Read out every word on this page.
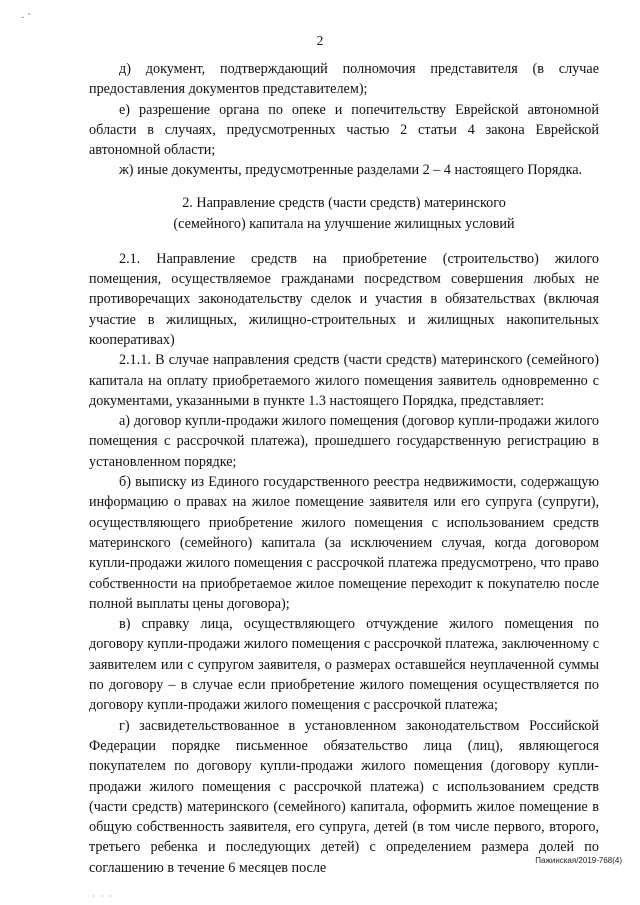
· `
2

д) документ, подтверждающий полномочия представителя (в случае предоставления документов представителем);

е) разрешение органа по опеке и попечительству Еврейской автономной области в случаях, предусмотренных частью 2 статьи 4 закона Еврейской автономной области;

ж) иные документы, предусмотренные разделами 2 – 4 настоящего Порядка.

2. Направление средств (части средств) материнского
(семейного) капитала на улучшение жилищных условий

2.1. Направление средств на приобретение (строительство) жилого помещения, осуществляемое гражданами посредством совершения любых не противоречащих законодательству сделок и участия в обязательствах (включая участие в жилищных, жилищно-строительных и жилищных накопительных кооперативах)

2.1.1. В случае направления средств (части средств) материнского (семейного) капитала на оплату приобретаемого жилого помещения заявитель одновременно с документами, указанными в пункте 1.3 настоящего Порядка, представляет:

а) договор купли-продажи жилого помещения (договор купли-продажи жилого помещения с рассрочкой платежа), прошедшего государственную регистрацию в установленном порядке;

б) выписку из Единого государственного реестра недвижимости, содержащую информацию о правах на жилое помещение заявителя или его супруга (супруги), осуществляющего приобретение жилого помещения с использованием средств материнского (семейного) капитала (за исключением случая, когда договором купли-продажи жилого помещения с рассрочкой платежа предусмотрено, что право собственности на приобретаемое жилое помещение переходит к покупателю после полной выплаты цены договора);

в) справку лица, осуществляющего отчуждение жилого помещения по договору купли-продажи жилого помещения с рассрочкой платежа, заключенному с заявителем или с супругом заявителя, о размерах оставшейся неуплаченной суммы по договору – в случае если приобретение жилого помещения осуществляется по договору купли-продажи жилого помещения с рассрочкой платежа;

г) засвидетельствованное в установленном законодательством Российской Федерации порядке письменное обязательство лица (лиц), являющегося покупателем по договору купли-продажи жилого помещения (договору купли-продажи жилого помещения с рассрочкой платежа) с использованием средств (части средств) материнского (семейного) капитала, оформить жилое помещение в общую собственность заявителя, его супруга, детей (в том числе первого, второго, третьего ребенка и последующих детей) с определением размера долей по соглашению в течение 6 месяцев после	Пажинская/2019-768(4)
· · ·
